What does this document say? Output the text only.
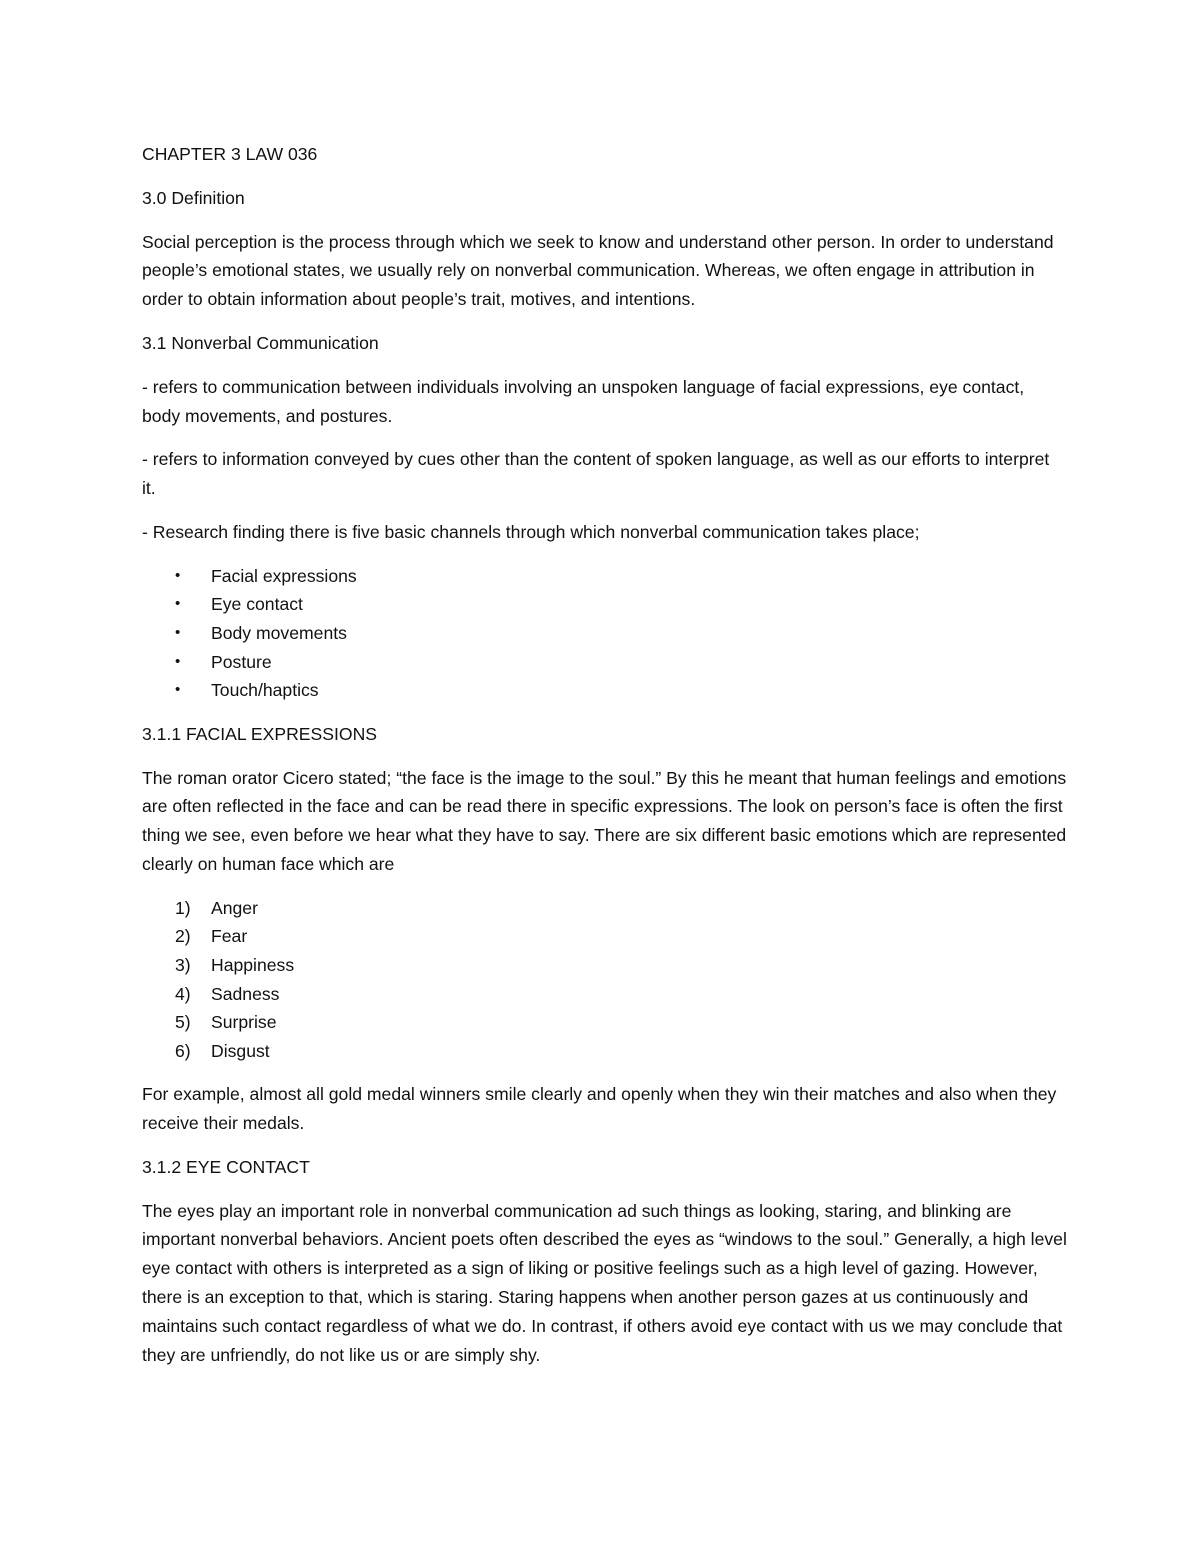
CHAPTER 3 LAW 036

3.0 Definition

Social perception is the process through which we seek to know and understand other person. In order to understand people’s emotional states, we usually rely on nonverbal communication. Whereas, we often engage in attribution in order to obtain information about people’s trait, motives, and intentions.

3.1 Nonverbal Communication

- refers to communication between individuals involving an unspoken language of facial expressions, eye contact, body movements, and postures.

- refers to information conveyed by cues other than the content of spoken language, as well as our efforts to interpret it.

- Research finding there is five basic channels through which nonverbal communication takes place;

• Facial expressions
• Eye contact
• Body movements
• Posture
• Touch/haptics

3.1.1 FACIAL EXPRESSIONS

The roman orator Cicero stated; “the face is the image to the soul.” By this he meant that human feelings and emotions are often reflected in the face and can be read there in specific expressions. The look on person’s face is often the first thing we see, even before we hear what they have to say. There are six different basic emotions which are represented clearly on human face which are

1) Anger
2) Fear
3) Happiness
4) Sadness
5) Surprise
6) Disgust

For example, almost all gold medal winners smile clearly and openly when they win their matches and also when they receive their medals.

3.1.2 EYE CONTACT

The eyes play an important role in nonverbal communication ad such things as looking, staring, and blinking are important nonverbal behaviors. Ancient poets often described the eyes as “windows to the soul.” Generally, a high level eye contact with others is interpreted as a sign of liking or positive feelings such as a high level of gazing. However, there is an exception to that, which is staring. Staring happens when another person gazes at us continuously and maintains such contact regardless of what we do. In contrast, if others avoid eye contact with us we may conclude that they are unfriendly, do not like us or are simply shy.
